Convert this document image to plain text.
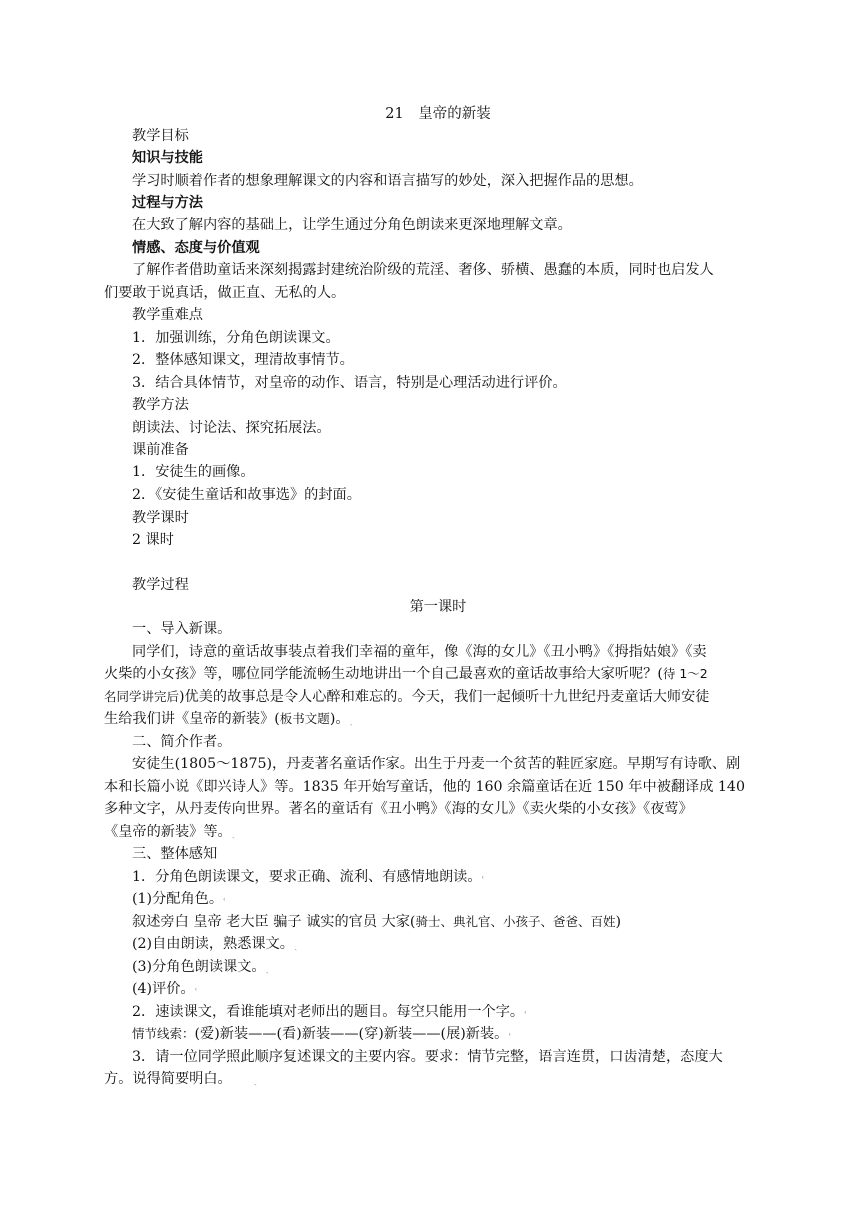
21　皇帝的新装
教学目标
知识与技能
学习时顺着作者的想象理解课文的内容和语言描写的妙处，深入把握作品的思想。
过程与方法
在大致了解内容的基础上，让学生通过分角色朗读来更深地理解文章。
情感、态度与价值观
了解作者借助童话来深刻揭露封建统治阶级的荒淫、奢侈、骄横、愚蠢的本质，同时也启发人
们要敢于说真话，做正直、无私的人。
教学重难点
1．加强训练，分角色朗读课文。
2．整体感知课文，理清故事情节。
3．结合具体情节，对皇帝的动作、语言，特别是心理活动进行评价。
教学方法
朗读法、讨论法、探究拓展法。
课前准备
1．安徒生的画像。
2．《安徒生童话和故事选》的封面。
教学课时
2 课时
教学过程
第一课时
一、导入新课。
同学们，诗意的童话故事装点着我们幸福的童年，像《海的女儿》《丑小鸭》《拇指姑娘》《卖
火柴的小女孩》等，哪位同学能流畅生动地讲出一个自己最喜欢的童话故事给大家听呢？(待 1～2
名同学讲完后)优美的故事总是令人心醉和难忘的。今天，我们一起倾听十九世纪丹麦童话大师安徒
生给我们讲《皇帝的新装》(板书文题)。ˏ
二、简介作者。
安徒生(1805～1875)，丹麦著名童话作家。出生于丹麦一个贫苦的鞋匠家庭。早期写有诗歌、剧
本和长篇小说《即兴诗人》等。1835 年开始写童话，他的 160 余篇童话在近 150 年中被翻译成 140
多种文字，从丹麦传向世界。著名的童话有《丑小鸭》《海的女儿》《卖火柴的小女孩》《夜莺》
《皇帝的新装》等。ˏ
三、整体感知
1．分角色朗读课文，要求正确、流利、有感情地朗读。˓
(1)分配角色。˓
叙述旁白 皇帝 老大臣 骗子 诚实的官员 大家(骑士、典礼官、小孩子、爸爸、百姓)
(2)自由朗读，熟悉课文。ˏ
(3)分角色朗读课文。ˏ
(4)评价。˓
2．速读课文，看谁能填对老师出的题目。每空只能用一个字。˓
情节线索：(爱)新装——(看)新装——(穿)新装——(展)新装。˓
3．请一位同学照此顺序复述课文的主要内容。要求：情节完整，语言连贯，口齿清楚，态度大
方。说得简要明白。 ˏ
